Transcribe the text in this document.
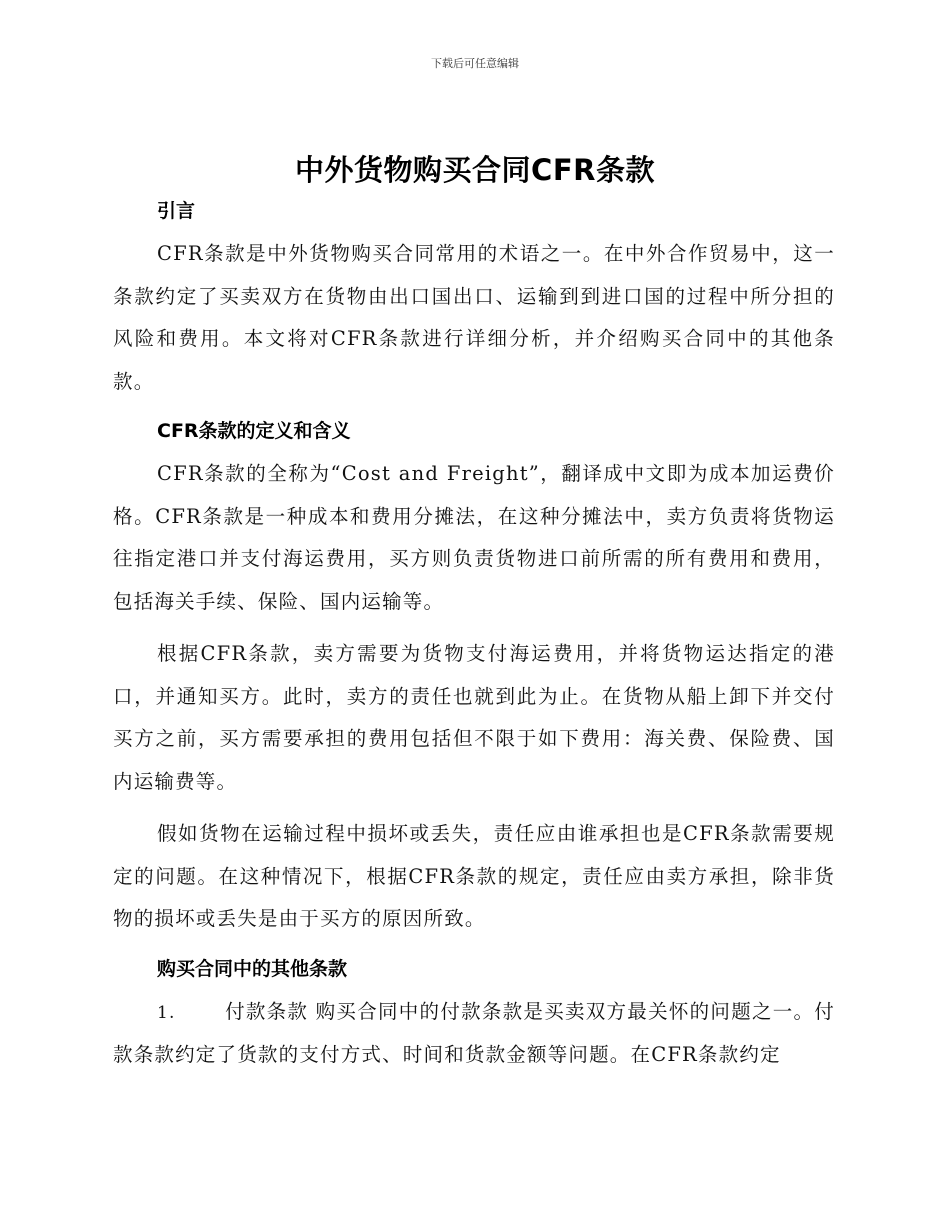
下载后可任意编辑
中外货物购买合同CFR条款
引言

CFR条款是中外货物购买合同常用的术语之一。在中外合作贸易中，这一条款约定了买卖双方在货物由出口国出口、运输到到进口国的过程中所分担的风险和费用。本文将对CFR条款进行详细分析，并介绍购买合同中的其他条款。

CFR条款的定义和含义

CFR条款的全称为“Cost and Freight”，翻译成中文即为成本加运费价格。CFR条款是一种成本和费用分摊法，在这种分摊法中，卖方负责将货物运往指定港口并支付海运费用，买方则负责货物进口前所需的所有费用和费用，包括海关手续、保险、国内运输等。

根据CFR条款，卖方需要为货物支付海运费用，并将货物运达指定的港口，并通知买方。此时，卖方的责任也就到此为止。在货物从船上卸下并交付买方之前，买方需要承担的费用包括但不限于如下费用：海关费、保险费、国内运输费等。

假如货物在运输过程中损坏或丢失，责任应由谁承担也是CFR条款需要规定的问题。在这种情况下，根据CFR条款的规定，责任应由卖方承担，除非货物的损坏或丢失是由于买方的原因所致。

购买合同中的其他条款

1.	付款条款 购买合同中的付款条款是买卖双方最关怀的问题之一。付款条款约定了货款的支付方式、时间和货款金额等问题。在CFR条款约定
